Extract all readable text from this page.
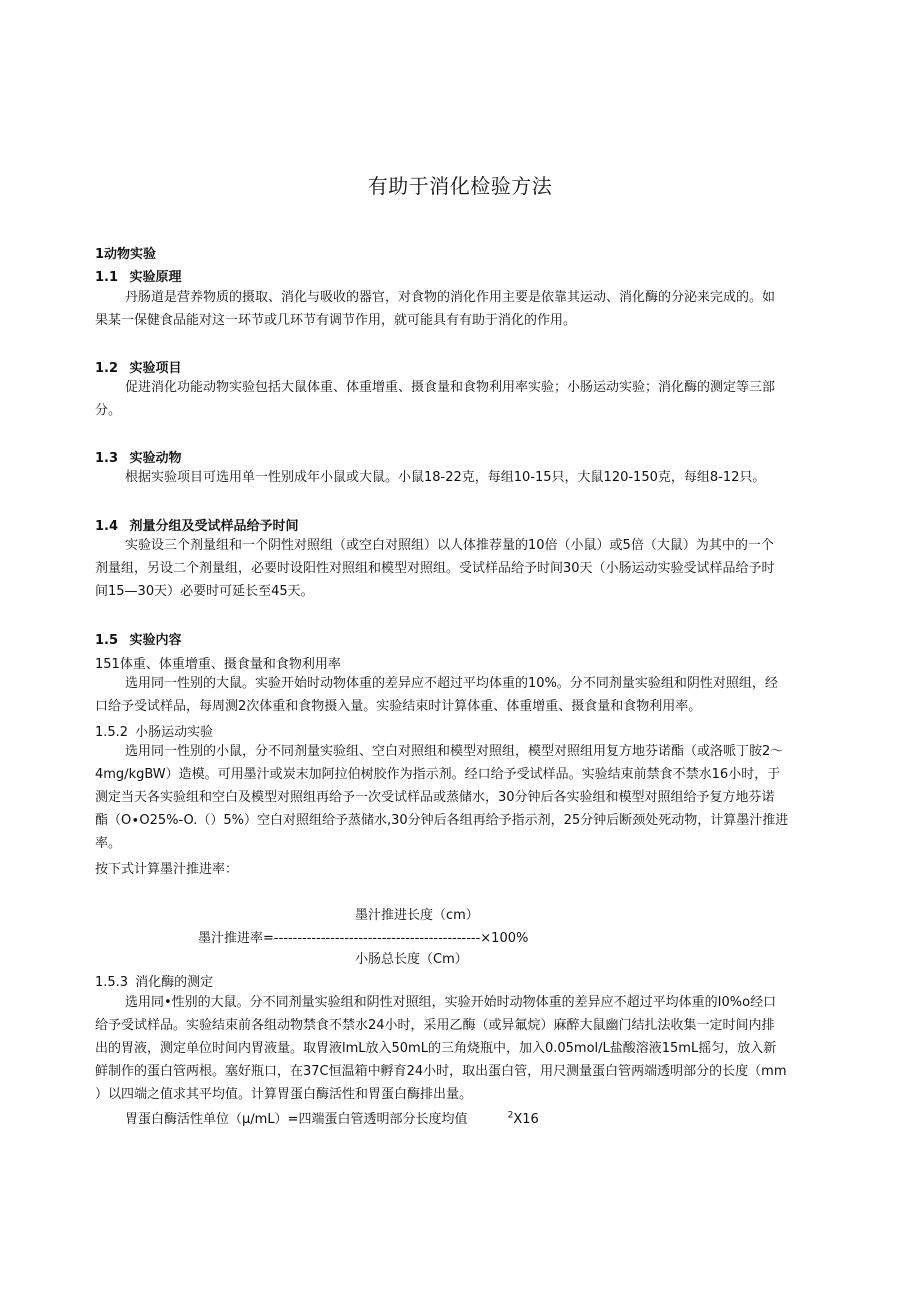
有助于消化检验方法
1动物实验
1.1 实验原理
丹肠道是营养物质的摄取、消化与吸收的器官，对食物的消化作用主要是依靠其运动、消化酶的分泌来完成的。如
果某一保健食品能对这一环节或几环节有调节作用，就可能具有有助于消化的作用。
1.2 实验项目
促进消化功能动物实验包括大鼠体重、体重增重、摄食量和食物利用率实验；小肠运动实验；消化酶的测定等三部
分。
1.3 实验动物
根据实验项目可选用单一性别成年小鼠或大鼠。小鼠18-22克，每组10-15只，大鼠120-150克，每组8-12只。
1.4 剂量分组及受试样品给予时间
实验设三个剂量组和一个阴性对照组（或空白对照组）以人体推荐量的10倍（小鼠）或5倍（大鼠）为其中的一个
剂量组，另设二个剂量组，必要时设阳性对照组和模型对照组。受试样品给予时间30天（小肠运动实验受试样品给予时
间15—30天）必要时可延长至45天。
1.5 实验内容
151体重、体重增重、摄食量和食物利用率
选用同一性别的大鼠。实验开始时动物体重的差异应不超过平均体重的10%。分不同剂量实验组和阴性对照组，经
口给予受试样品，每周测2次体重和食物摄入量。实验结束时计算体重、体重增重、摄食量和食物利用率。
1.5.2 小肠运动实验
选用同一性别的小鼠，分不同剂量实验组、空白对照组和模型对照组，模型对照组用复方地芬诺酯（或洛哌丁胺2〜
4mg∕kgBW）造模。可用墨汁或炭末加阿拉伯树胶作为指示剂。经口给予受试样品。实验结束前禁食不禁水16小时，于
测定当天各实验组和空白及模型对照组再给予一次受试样品或蒸储水，30分钟后各实验组和模型对照组给予复方地芬诺
酯（O∙O25%-O.（）5%）空白对照组给予蒸储水,30分钟后各组再给予指示剂，25分钟后断颈处死动物，计算墨汁推进
率。
按下式计算墨汁推进率：
墨汁推进长度（cm）
墨汁推进率=--------------------------------------------×100%
小肠总长度（Cm）
1.5.3 消化酶的测定
选用同•性别的大鼠。分不同剂量实验组和阴性对照组，实验开始时动物体重的差异应不超过平均体重的I0%o经口
给予受试样品。实验结束前各组动物禁食不禁水24小时，采用乙酶（或异氟烷）麻醉大鼠幽门结扎法收集一定时间内排
出的胃液，测定单位时间内胃液量。取胃液lmL放入50mL的三角烧瓶中，加入0.05mol∕L盐酸溶液15mL摇匀，放入新
鲜制作的蛋白管两根。塞好瓶口，在37C恒温箱中孵育24小时，取出蛋白管，用尺测量蛋白管两端透明部分的长度（mm
）以四端之值求其平均值。计算胃蛋白酶活性和胃蛋白酶排出量。
胃蛋白酶活性单位（μ∕mL）=四端蛋白管透明部分长度均值	$^2$X16
